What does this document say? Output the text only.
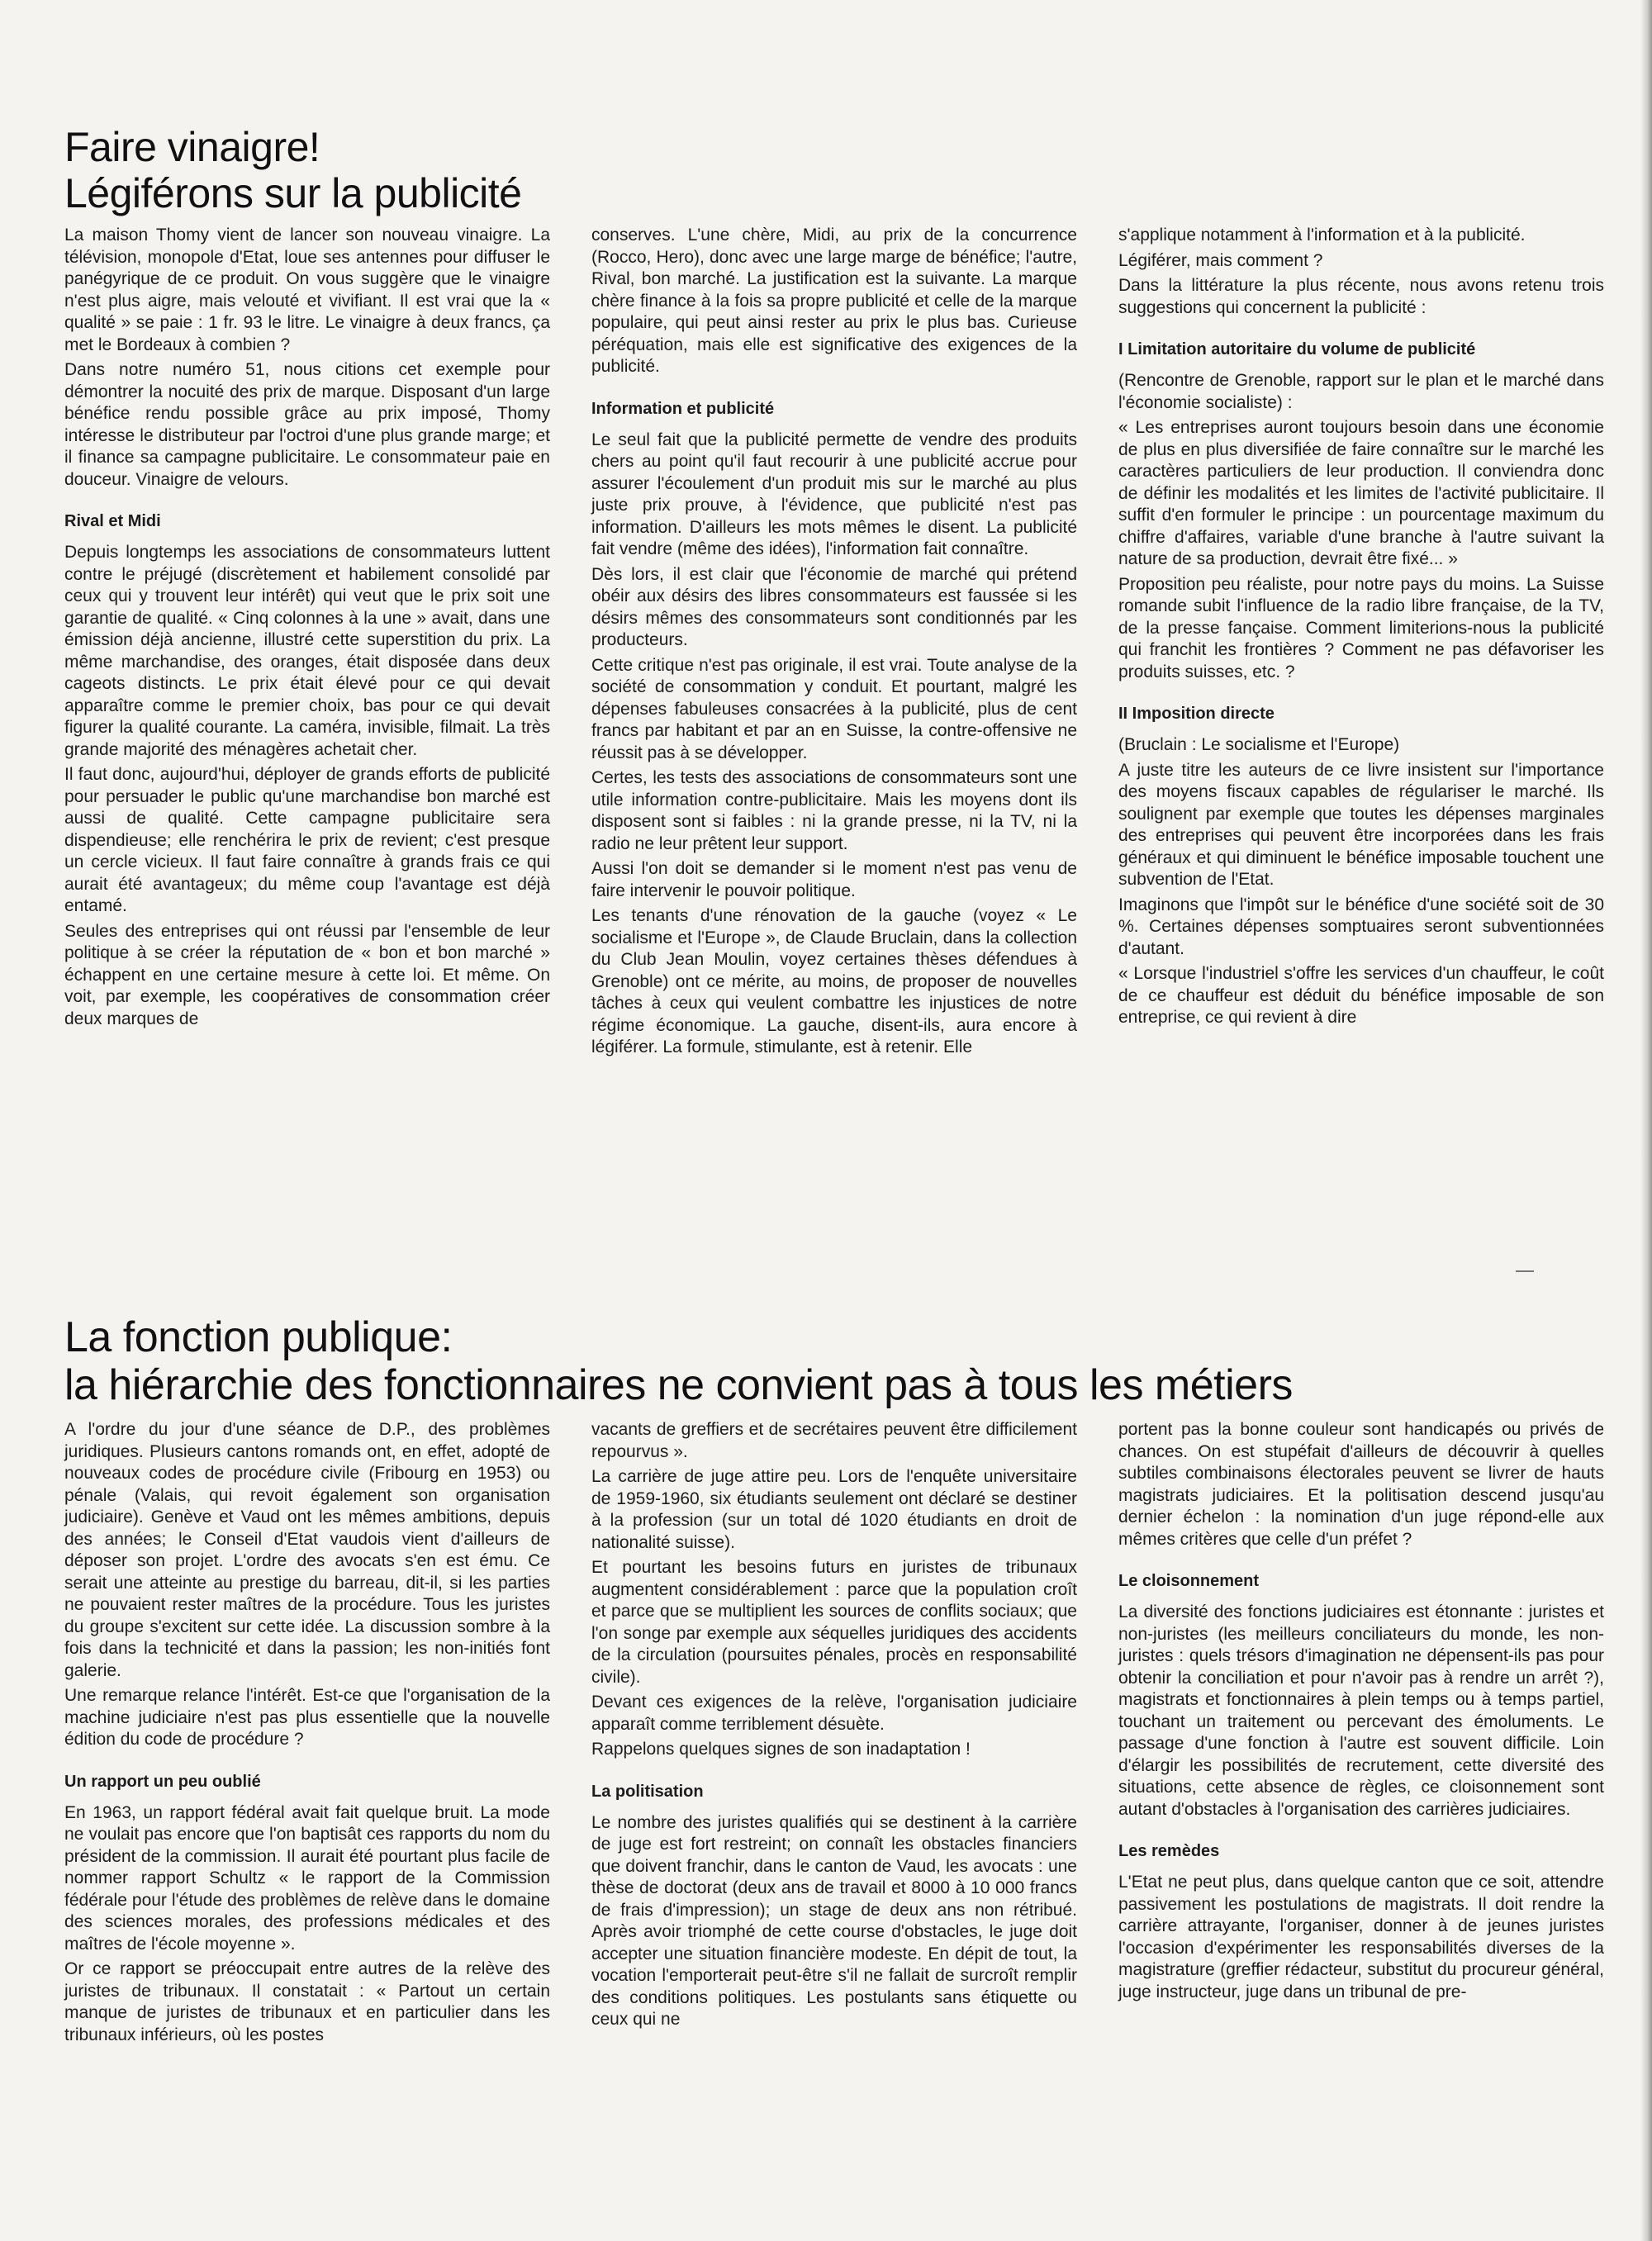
Faire vinaigre!
Légiférons sur la publicité

La maison Thomy vient de lancer son nouveau vinaigre. La télévision, monopole d'Etat, loue ses antennes pour diffuser le panégyrique de ce produit. On vous suggère que le vinaigre n'est plus aigre, mais velouté et vivifiant. Il est vrai que la « qualité » se paie : 1 fr. 93 le litre. Le vinaigre à deux francs, ça met le Bordeaux à combien ?

Dans notre numéro 51, nous citions cet exemple pour démontrer la nocuité des prix de marque. Disposant d'un large bénéfice rendu possible grâce au prix imposé, Thomy intéresse le distributeur par l'octroi d'une plus grande marge; et il finance sa campagne publicitaire. Le consommateur paie en douceur. Vinaigre de velours.

Rival et Midi

Depuis longtemps les associations de consommateurs luttent contre le préjugé (discrètement et habilement consolidé par ceux qui y trouvent leur intérêt) qui veut que le prix soit une garantie de qualité. « Cinq colonnes à la une » avait, dans une émission déjà ancienne, illustré cette superstition du prix. La même marchandise, des oranges, était disposée dans deux cageots distincts. Le prix était élevé pour ce qui devait apparaître comme le premier choix, bas pour ce qui devait figurer la qualité courante. La caméra, invisible, filmait. La très grande majorité des ménagères achetait cher.

Il faut donc, aujourd'hui, déployer de grands efforts de publicité pour persuader le public qu'une marchandise bon marché est aussi de qualité. Cette campagne publicitaire sera dispendieuse; elle renchérira le prix de revient; c'est presque un cercle vicieux. Il faut faire connaître à grands frais ce qui aurait été avantageux; du même coup l'avantage est déjà entamé.

Seules des entreprises qui ont réussi par l'ensemble de leur politique à se créer la réputation de « bon et bon marché » échappent en une certaine mesure à cette loi. Et même. On voit, par exemple, les coopératives de consommation créer deux marques de

conserves. L'une chère, Midi, au prix de la concurrence (Rocco, Hero), donc avec une large marge de bénéfice; l'autre, Rival, bon marché. La justification est la suivante. La marque chère finance à la fois sa propre publicité et celle de la marque populaire, qui peut ainsi rester au prix le plus bas. Curieuse péréquation, mais elle est significative des exigences de la publicité.

Information et publicité

Le seul fait que la publicité permette de vendre des produits chers au point qu'il faut recourir à une publicité accrue pour assurer l'écoulement d'un produit mis sur le marché au plus juste prix prouve, à l'évidence, que publicité n'est pas information. D'ailleurs les mots mêmes le disent. La publicité fait vendre (même des idées), l'information fait connaître.

Dès lors, il est clair que l'économie de marché qui prétend obéir aux désirs des libres consommateurs est faussée si les désirs mêmes des consommateurs sont conditionnés par les producteurs.

Cette critique n'est pas originale, il est vrai. Toute analyse de la société de consommation y conduit. Et pourtant, malgré les dépenses fabuleuses consacrées à la publicité, plus de cent francs par habitant et par an en Suisse, la contre-offensive ne réussit pas à se développer.

Certes, les tests des associations de consommateurs sont une utile information contre-publicitaire. Mais les moyens dont ils disposent sont si faibles : ni la grande presse, ni la TV, ni la radio ne leur prêtent leur support.

Aussi l'on doit se demander si le moment n'est pas venu de faire intervenir le pouvoir politique.

Les tenants d'une rénovation de la gauche (voyez « Le socialisme et l'Europe », de Claude Bruclain, dans la collection du Club Jean Moulin, voyez certaines thèses défendues à Grenoble) ont ce mérite, au moins, de proposer de nouvelles tâches à ceux qui veulent combattre les injustices de notre régime économique. La gauche, disent-ils, aura encore à légiférer. La formule, stimulante, est à retenir. Elle

s'applique notamment à l'information et à la publicité.

Légiférer, mais comment ?

Dans la littérature la plus récente, nous avons retenu trois suggestions qui concernent la publicité :

I Limitation autoritaire du volume de publicité

(Rencontre de Grenoble, rapport sur le plan et le marché dans l'économie socialiste) :

« Les entreprises auront toujours besoin dans une économie de plus en plus diversifiée de faire connaître sur le marché les caractères particuliers de leur production. Il conviendra donc de définir les modalités et les limites de l'activité publicitaire. Il suffit d'en formuler le principe : un pourcentage maximum du chiffre d'affaires, variable d'une branche à l'autre suivant la nature de sa production, devrait être fixé... »

Proposition peu réaliste, pour notre pays du moins. La Suisse romande subit l'influence de la radio libre française, de la TV, de la presse fançaise. Comment limiterions-nous la publicité qui franchit les frontières ? Comment ne pas défavoriser les produits suisses, etc. ?

II Imposition directe

(Bruclain : Le socialisme et l'Europe)

A juste titre les auteurs de ce livre insistent sur l'importance des moyens fiscaux capables de régulariser le marché. Ils soulignent par exemple que toutes les dépenses marginales des entreprises qui peuvent être incorporées dans les frais généraux et qui diminuent le bénéfice imposable touchent une subvention de l'Etat.

Imaginons que l'impôt sur le bénéfice d'une société soit de 30 %. Certaines dépenses somptuaires seront subventionnées d'autant.

« Lorsque l'industriel s'offre les services d'un chauffeur, le coût de ce chauffeur est déduit du bénéfice imposable de son entreprise, ce qui revient à dire

La fonction publique:
la hiérarchie des fonctionnaires ne convient pas à tous les métiers

A l'ordre du jour d'une séance de D.P., des problèmes juridiques. Plusieurs cantons romands ont, en effet, adopté de nouveaux codes de procédure civile (Fribourg en 1953) ou pénale (Valais, qui revoit également son organisation judiciaire). Genève et Vaud ont les mêmes ambitions, depuis des années; le Conseil d'Etat vaudois vient d'ailleurs de déposer son projet. L'ordre des avocats s'en est ému. Ce serait une atteinte au prestige du barreau, dit-il, si les parties ne pouvaient rester maîtres de la procédure. Tous les juristes du groupe s'excitent sur cette idée. La discussion sombre à la fois dans la technicité et dans la passion; les non-initiés font galerie.

Une remarque relance l'intérêt. Est-ce que l'organisation de la machine judiciaire n'est pas plus essentielle que la nouvelle édition du code de procédure ?

Un rapport un peu oublié

En 1963, un rapport fédéral avait fait quelque bruit. La mode ne voulait pas encore que l'on baptisât ces rapports du nom du président de la commission. Il aurait été pourtant plus facile de nommer rapport Schultz « le rapport de la Commission fédérale pour l'étude des problèmes de relève dans le domaine des sciences morales, des professions médicales et des maîtres de l'école moyenne ».

Or ce rapport se préoccupait entre autres de la relève des juristes de tribunaux. Il constatait : « Partout un certain manque de juristes de tribunaux et en particulier dans les tribunaux inférieurs, où les postes

vacants de greffiers et de secrétaires peuvent être difficilement repourvus ».

La carrière de juge attire peu. Lors de l'enquête universitaire de 1959-1960, six étudiants seulement ont déclaré se destiner à la profession (sur un total dé 1020 étudiants en droit de nationalité suisse).

Et pourtant les besoins futurs en juristes de tribunaux augmentent considérablement : parce que la population croît et parce que se multiplient les sources de conflits sociaux; que l'on songe par exemple aux séquelles juridiques des accidents de la circulation (poursuites pénales, procès en responsabilité civile).

Devant ces exigences de la relève, l'organisation judiciaire apparaît comme terriblement désuète.

Rappelons quelques signes de son inadaptation !

La politisation

Le nombre des juristes qualifiés qui se destinent à la carrière de juge est fort restreint; on connaît les obstacles financiers que doivent franchir, dans le canton de Vaud, les avocats : une thèse de doctorat (deux ans de travail et 8000 à 10 000 francs de frais d'impression); un stage de deux ans non rétribué. Après avoir triomphé de cette course d'obstacles, le juge doit accepter une situation financière modeste. En dépit de tout, la vocation l'emporterait peut-être s'il ne fallait de surcroît remplir des conditions politiques. Les postulants sans étiquette ou ceux qui ne

portent pas la bonne couleur sont handicapés ou privés de chances. On est stupéfait d'ailleurs de découvrir à quelles subtiles combinaisons électorales peuvent se livrer de hauts magistrats judiciaires. Et la politisation descend jusqu'au dernier échelon : la nomination d'un juge répond-elle aux mêmes critères que celle d'un préfet ?

Le cloisonnement

La diversité des fonctions judiciaires est étonnante : juristes et non-juristes (les meilleurs conciliateurs du monde, les non-juristes : quels trésors d'imagination ne dépensent-ils pas pour obtenir la conciliation et pour n'avoir pas à rendre un arrêt ?), magistrats et fonctionnaires à plein temps ou à temps partiel, touchant un traitement ou percevant des émoluments. Le passage d'une fonction à l'autre est souvent difficile. Loin d'élargir les possibilités de recrutement, cette diversité des situations, cette absence de règles, ce cloisonnement sont autant d'obstacles à l'organisation des carrières judiciaires.

Les remèdes

L'Etat ne peut plus, dans quelque canton que ce soit, attendre passivement les postulations de magistrats. Il doit rendre la carrière attrayante, l'organiser, donner à de jeunes juristes l'occasion d'expérimenter les responsabilités diverses de la magistrature (greffier rédacteur, substitut du procureur général, juge instructeur, juge dans un tribunal de pre-
